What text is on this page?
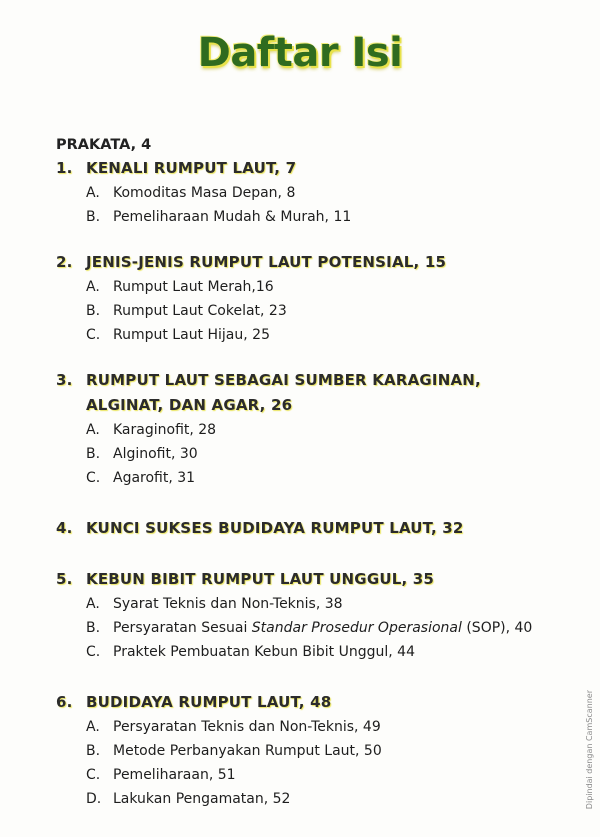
Daftar Isi
PRAKATA, 4
1. KENALI RUMPUT LAUT, 7
A. Komoditas Masa Depan, 8
B. Pemeliharaan Mudah & Murah, 11
2. JENIS-JENIS RUMPUT LAUT POTENSIAL, 15
A. Rumput Laut Merah,16
B. Rumput Laut Cokelat, 23
C. Rumput Laut Hijau, 25
3. RUMPUT LAUT SEBAGAI SUMBER KARAGINAN,
ALGINAT, DAN AGAR, 26
A. Karaginofit, 28
B. Alginofit, 30
C. Agarofit, 31
4. KUNCI SUKSES BUDIDAYA RUMPUT LAUT, 32
5. KEBUN BIBIT RUMPUT LAUT UNGGUL, 35
A. Syarat Teknis dan Non-Teknis, 38
B. Persyaratan Sesuai Standar Prosedur Operasional (SOP), 40
C. Praktek Pembuatan Kebun Bibit Unggul, 44
6. BUDIDAYA RUMPUT LAUT, 48
A. Persyaratan Teknis dan Non-Teknis, 49
B. Metode Perbanyakan Rumput Laut, 50
C. Pemeliharaan, 51
D. Lakukan Pengamatan, 52	Dipindai dengan CamScanner
